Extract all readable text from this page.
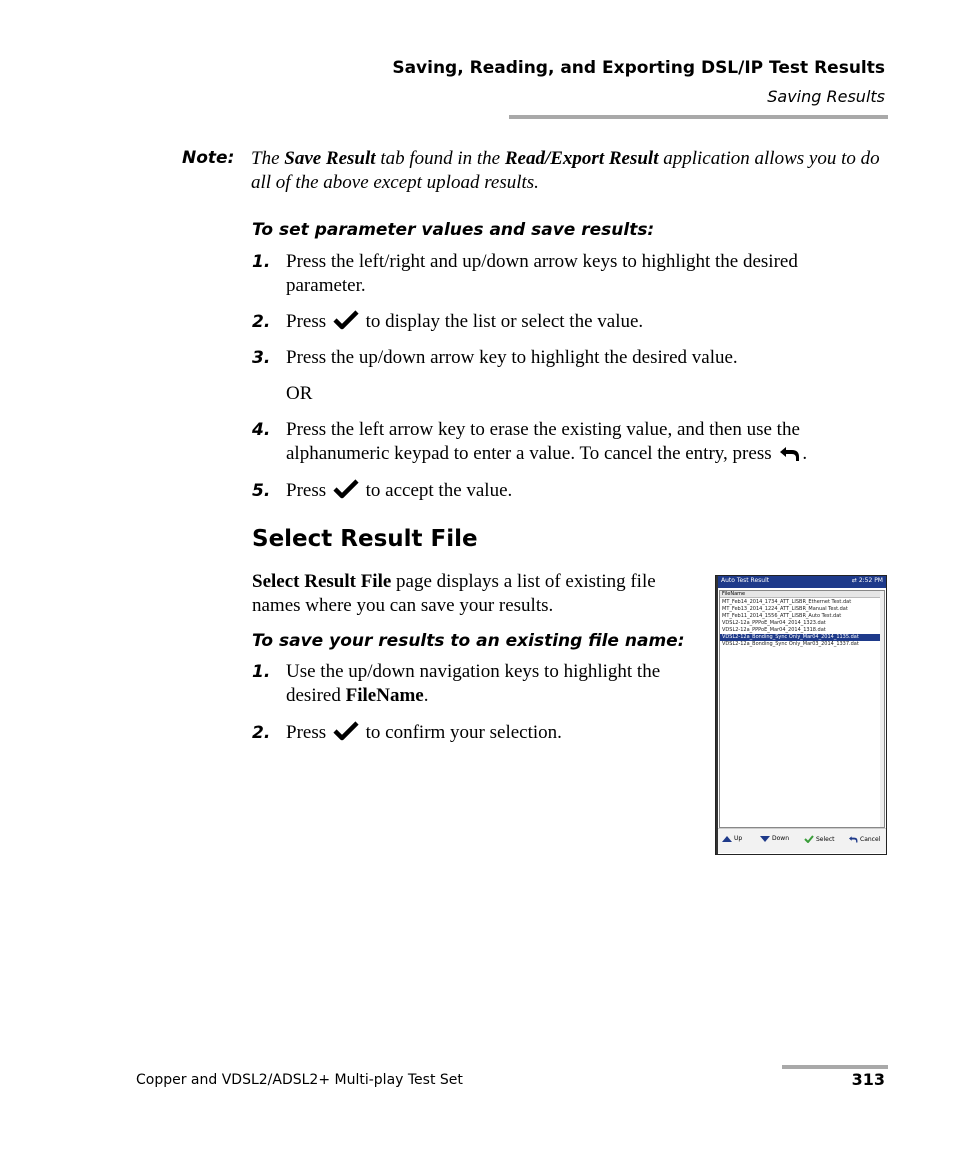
Saving, Reading, and Exporting DSL/IP Test Results
Saving Results
Note: The Save Result tab found in the Read/Export Result application allows you to do all of the above except upload results.
To set parameter values and save results:
1. Press the left/right and up/down arrow keys to highlight the desired parameter.
2. Press  to display the list or select the value.
3. Press the up/down arrow key to highlight the desired value.
OR
4. Press the left arrow key to erase the existing value, and then use the alphanumeric keypad to enter a value. To cancel the entry, press .
5. Press  to accept the value.
Select Result File
Select Result File page displays a list of existing file names where you can save your results.
To save your results to an existing file name:
1. Use the up/down navigation keys to highlight the desired FileName.
2. Press  to confirm your selection.
Auto Test Result	⇄ 2:52 PM
FileName
MT_Feb14_2014_1734_ATT_LISBR_Ethernet Test.dat
MT_Feb13_2014_1224_ATT_LISBR_Manual Test.dat
MT_Feb11_2014_1556_ATT_LISBR_Auto Test.dat
VDSL2-12a_PPPoE_Mar04_2014_1323.dat
VDSL2-12a_PPPoE_Mar04_2014_1318.dat
VDSL2-12a_Bonding_Sync Only_Mar04_2014_1135.dat
VDSL2-12a_Bonding_Sync Only_Mar03_2014_1337.dat
Up	Down	Select	Cancel
Copper and VDSL2/ADSL2+ Multi-play Test Set	313
